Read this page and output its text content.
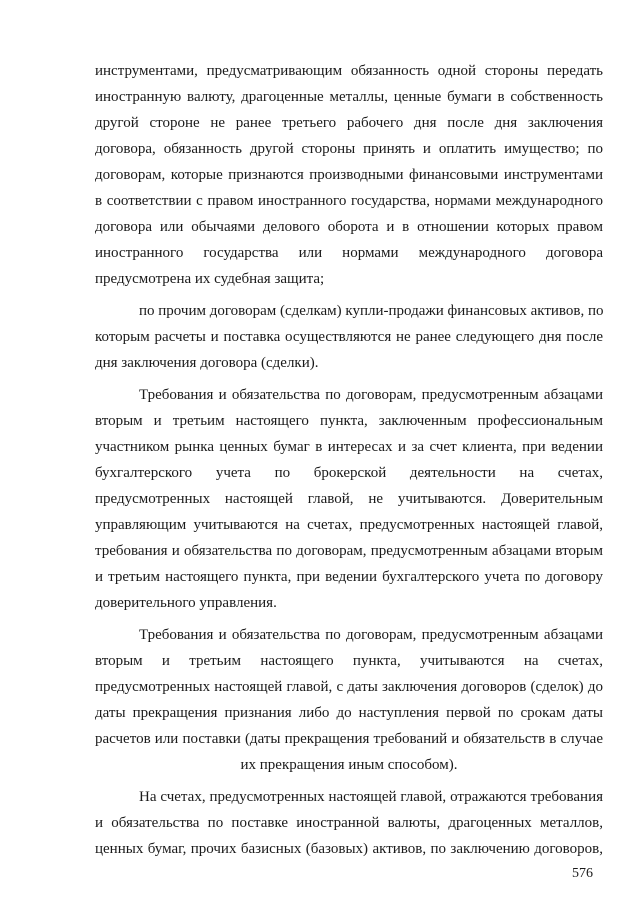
инструментами, предусматривающим обязанность одной стороны передать
иностранную валюту, драгоценные металлы, ценные бумаги в собственность
другой стороне не ранее третьего рабочего дня после дня заключения
договора, обязанность другой стороны принять и оплатить имущество; по
договорам, которые признаются производными финансовыми инструментами
в соответствии с правом иностранного государства, нормами международного
договора или обычаями делового оборота и в отношении которых правом
иностранного государства или нормами международного договора
предусмотрена их судебная защита;
по прочим договорам (сделкам) купли-продажи финансовых активов, по
которым расчеты и поставка осуществляются не ранее следующего дня после
дня заключения договора (сделки).
Требования и обязательства по договорам, предусмотренным абзацами
вторым и третьим настоящего пункта, заключенным профессиональным
участником рынка ценных бумаг в интересах и за счет клиента, при ведении
бухгалтерского учета по брокерской деятельности на счетах,
предусмотренных настоящей главой, не учитываются. Доверительным
управляющим учитываются на счетах, предусмотренных настоящей главой,
требования и обязательства по договорам, предусмотренным абзацами вторым
и третьим настоящего пункта, при ведении бухгалтерского учета по договору
доверительного управления.
Требования и обязательства по договорам, предусмотренным абзацами
вторым и третьим настоящего пункта, учитываются на счетах,
предусмотренных настоящей главой, с даты заключения договоров (сделок) до
даты прекращения признания либо до наступления первой по срокам даты
расчетов или поставки (даты прекращения требований и обязательств в случае
их прекращения иным способом).
На счетах, предусмотренных настоящей главой, отражаются требования
и обязательства по поставке иностранной валюты, драгоценных металлов,
ценных бумаг, прочих базисных (базовых) активов, по заключению договоров,
576
